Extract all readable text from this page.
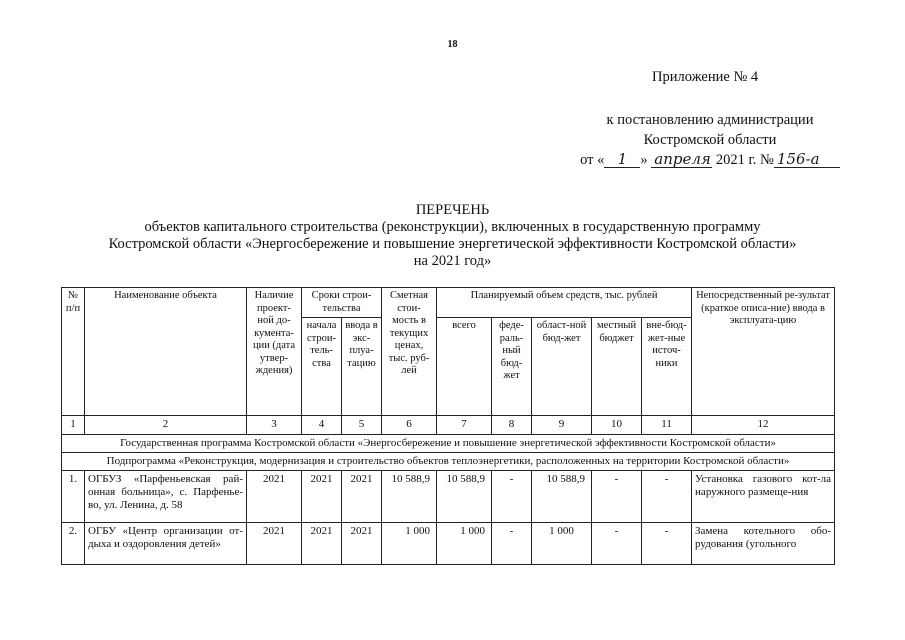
18
Приложение № 4
к постановлению администрации
Костромской области
от « 1 » апреля 2021 г. № 156-а
ПЕРЕЧЕНЬ
объектов капитального строительства (реконструкции), включенных в государственную программу
Костромской области «Энергосбережение и повышение энергетической эффективности Костромской области»
на 2021 год»
№ п/п	Наименование объекта	Наличие проект-ной до-кумента-ции (дата утвер-ждения)	Сроки строи-тельства		Сметная стои-мость в текущих ценах, тыс. руб-лей	Планируемый объем средств, тыс. рублей					Непосредственный ре-зультат (краткое описа-ние) ввода в эксплуата-цию
			начала строи-тель-ства	ввода в экс-плуа-тацию		всего	феде-раль-ный бюд-жет	област-ной бюд-жет	местный бюджет	вне-бюд-жет-ные источ-ники	
1	2	3	4	5	6	7	8	9	10	11	12
Государственная программа Костромской области «Энергосбережение и повышение энергетической эффективности Костромской области»											
Подпрограмма «Реконструкция, модернизация и строительство объектов теплоэнергетики, расположенных на территории Костромской области»											
1.	ОГБУЗ «Парфеньевская рай-онная больница», с. Парфенье-во, ул. Ленина, д. 58	2021	2021	2021	10 588,9	10 588,9	-	10 588,9	-	-	Установка газового кот-ла наружного размеще-ния
2.	ОГБУ «Центр организации от-дыха и оздоровления детей»	2021	2021	2021	1 000	1 000	-	1 000	-	-	Замена котельного обо-рудования (угольного
